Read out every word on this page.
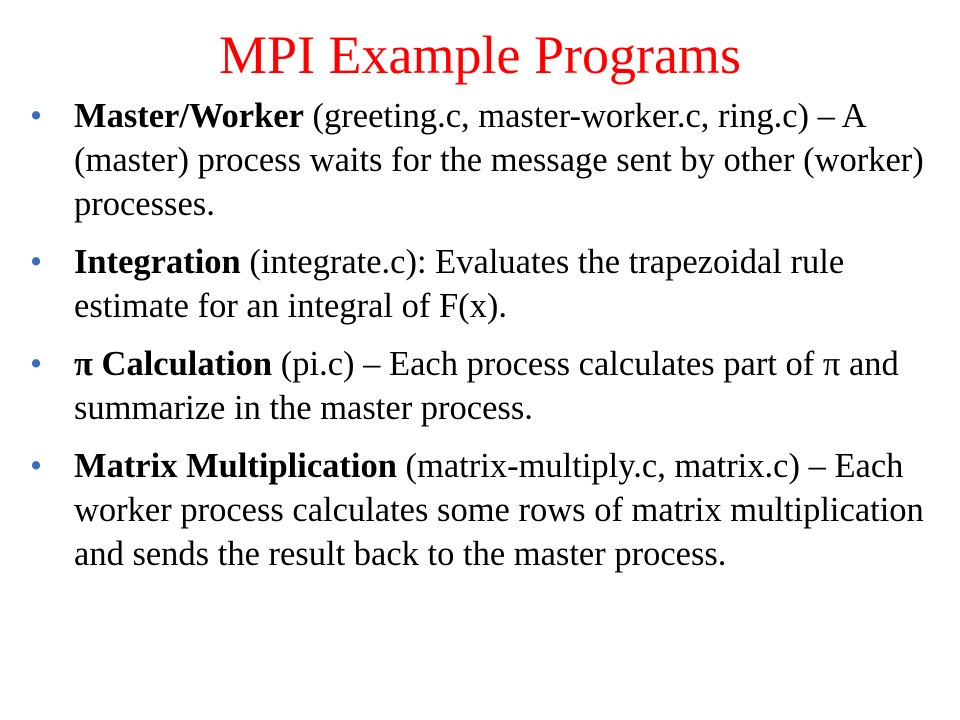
MPI Example Programs
• Master/Worker (greeting.c, master-worker.c, ring.c) – A (master) process waits for the message sent by other (worker) processes.
• Integration (integrate.c): Evaluates the trapezoidal rule estimate for an integral of F(x).
• π Calculation (pi.c) – Each process calculates part of π and summarize in the master process.
• Matrix Multiplication (matrix-multiply.c, matrix.c) – Each worker process calculates some rows of matrix multiplication and sends the result back to the master process.
